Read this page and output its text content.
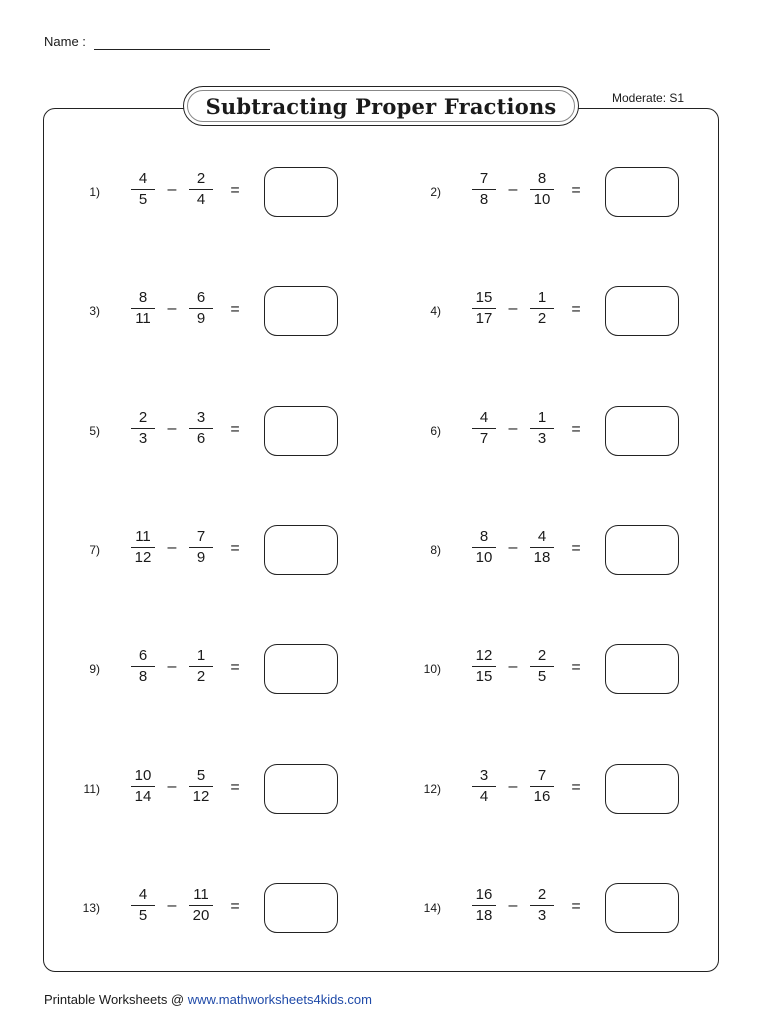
Name :
Subtracting Proper Fractions	Moderate: S1
1)
4
5
–
2
4
=	2)
7
8
–
8
10
=
3)
8
11
–
6
9
=	4)
15
17
–
1
2
=
5)
2
3
–
3
6
=	6)
4
7
–
1
3
=
7)
11
12
–
7
9
=	8)
8
10
–
4
18
=
9)
6
8
–
1
2
=	10)
12
15
–
2
5
=
11)
10
14
–
5
12
=	12)
3
4
–
7
16
=
13)
4
5
–
11
20
=	14)
16
18
–
2
3
=
Printable Worksheets @ www.mathworksheets4kids.com
